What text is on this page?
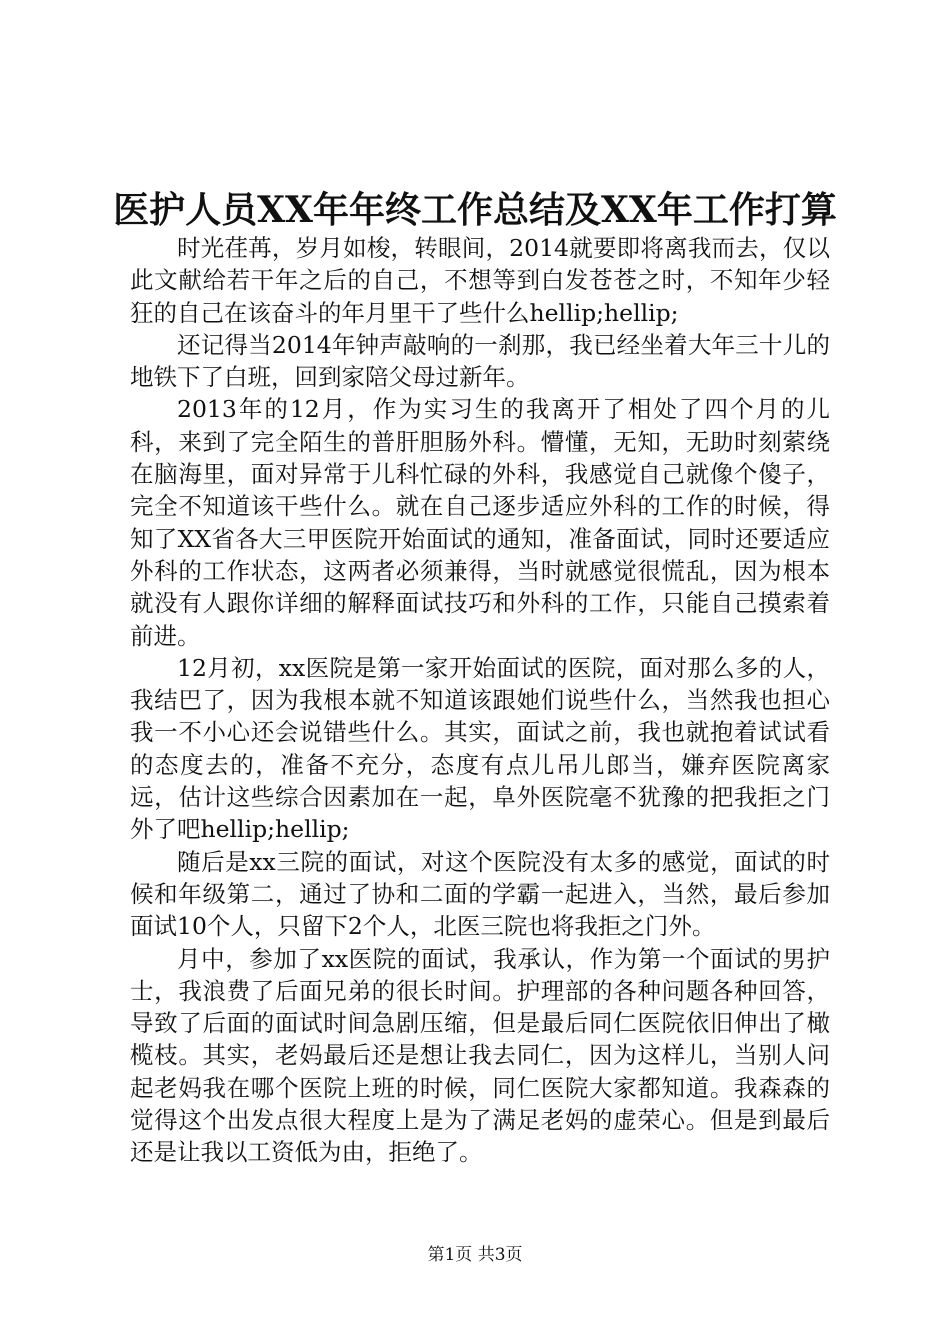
医护人员XX年年终工作总结及XX年工作打算

时光荏苒，岁月如梭，转眼间，2014就要即将离我而去，仅以此文献给若干年之后的自己，不想等到白发苍苍之时，不知年少轻狂的自己在该奋斗的年月里干了些什么hellip;hellip;

还记得当2014年钟声敲响的一刹那，我已经坐着大年三十儿的地铁下了白班，回到家陪父母过新年。

2013年的12月，作为实习生的我离开了相处了四个月的儿科，来到了完全陌生的普肝胆肠外科。懵懂，无知，无助时刻萦绕在脑海里，面对异常于儿科忙碌的外科，我感觉自己就像个傻子，完全不知道该干些什么。就在自己逐步适应外科的工作的时候，得知了XX省各大三甲医院开始面试的通知，准备面试，同时还要适应外科的工作状态，这两者必须兼得，当时就感觉很慌乱，因为根本就没有人跟你详细的解释面试技巧和外科的工作，只能自己摸索着前进。

12月初，xx医院是第一家开始面试的医院，面对那么多的人，我结巴了，因为我根本就不知道该跟她们说些什么，当然我也担心我一不小心还会说错些什么。其实，面试之前，我也就抱着试试看的态度去的，准备不充分，态度有点儿吊儿郎当，嫌弃医院离家远，估计这些综合因素加在一起，阜外医院毫不犹豫的把我拒之门外了吧hellip;hellip;

随后是xx三院的面试，对这个医院没有太多的感觉，面试的时候和年级第二，通过了协和二面的学霸一起进入，当然，最后参加面试10个人，只留下2个人，北医三院也将我拒之门外。

月中，参加了xx医院的面试，我承认，作为第一个面试的男护士，我浪费了后面兄弟的很长时间。护理部的各种问题各种回答，导致了后面的面试时间急剧压缩，但是最后同仁医院依旧伸出了橄榄枝。其实，老妈最后还是想让我去同仁，因为这样儿，当别人问起老妈我在哪个医院上班的时候，同仁医院大家都知道。我森森的觉得这个出发点很大程度上是为了满足老妈的虚荣心。但是到最后还是让我以工资低为由，拒绝了。

第1页 共3页
